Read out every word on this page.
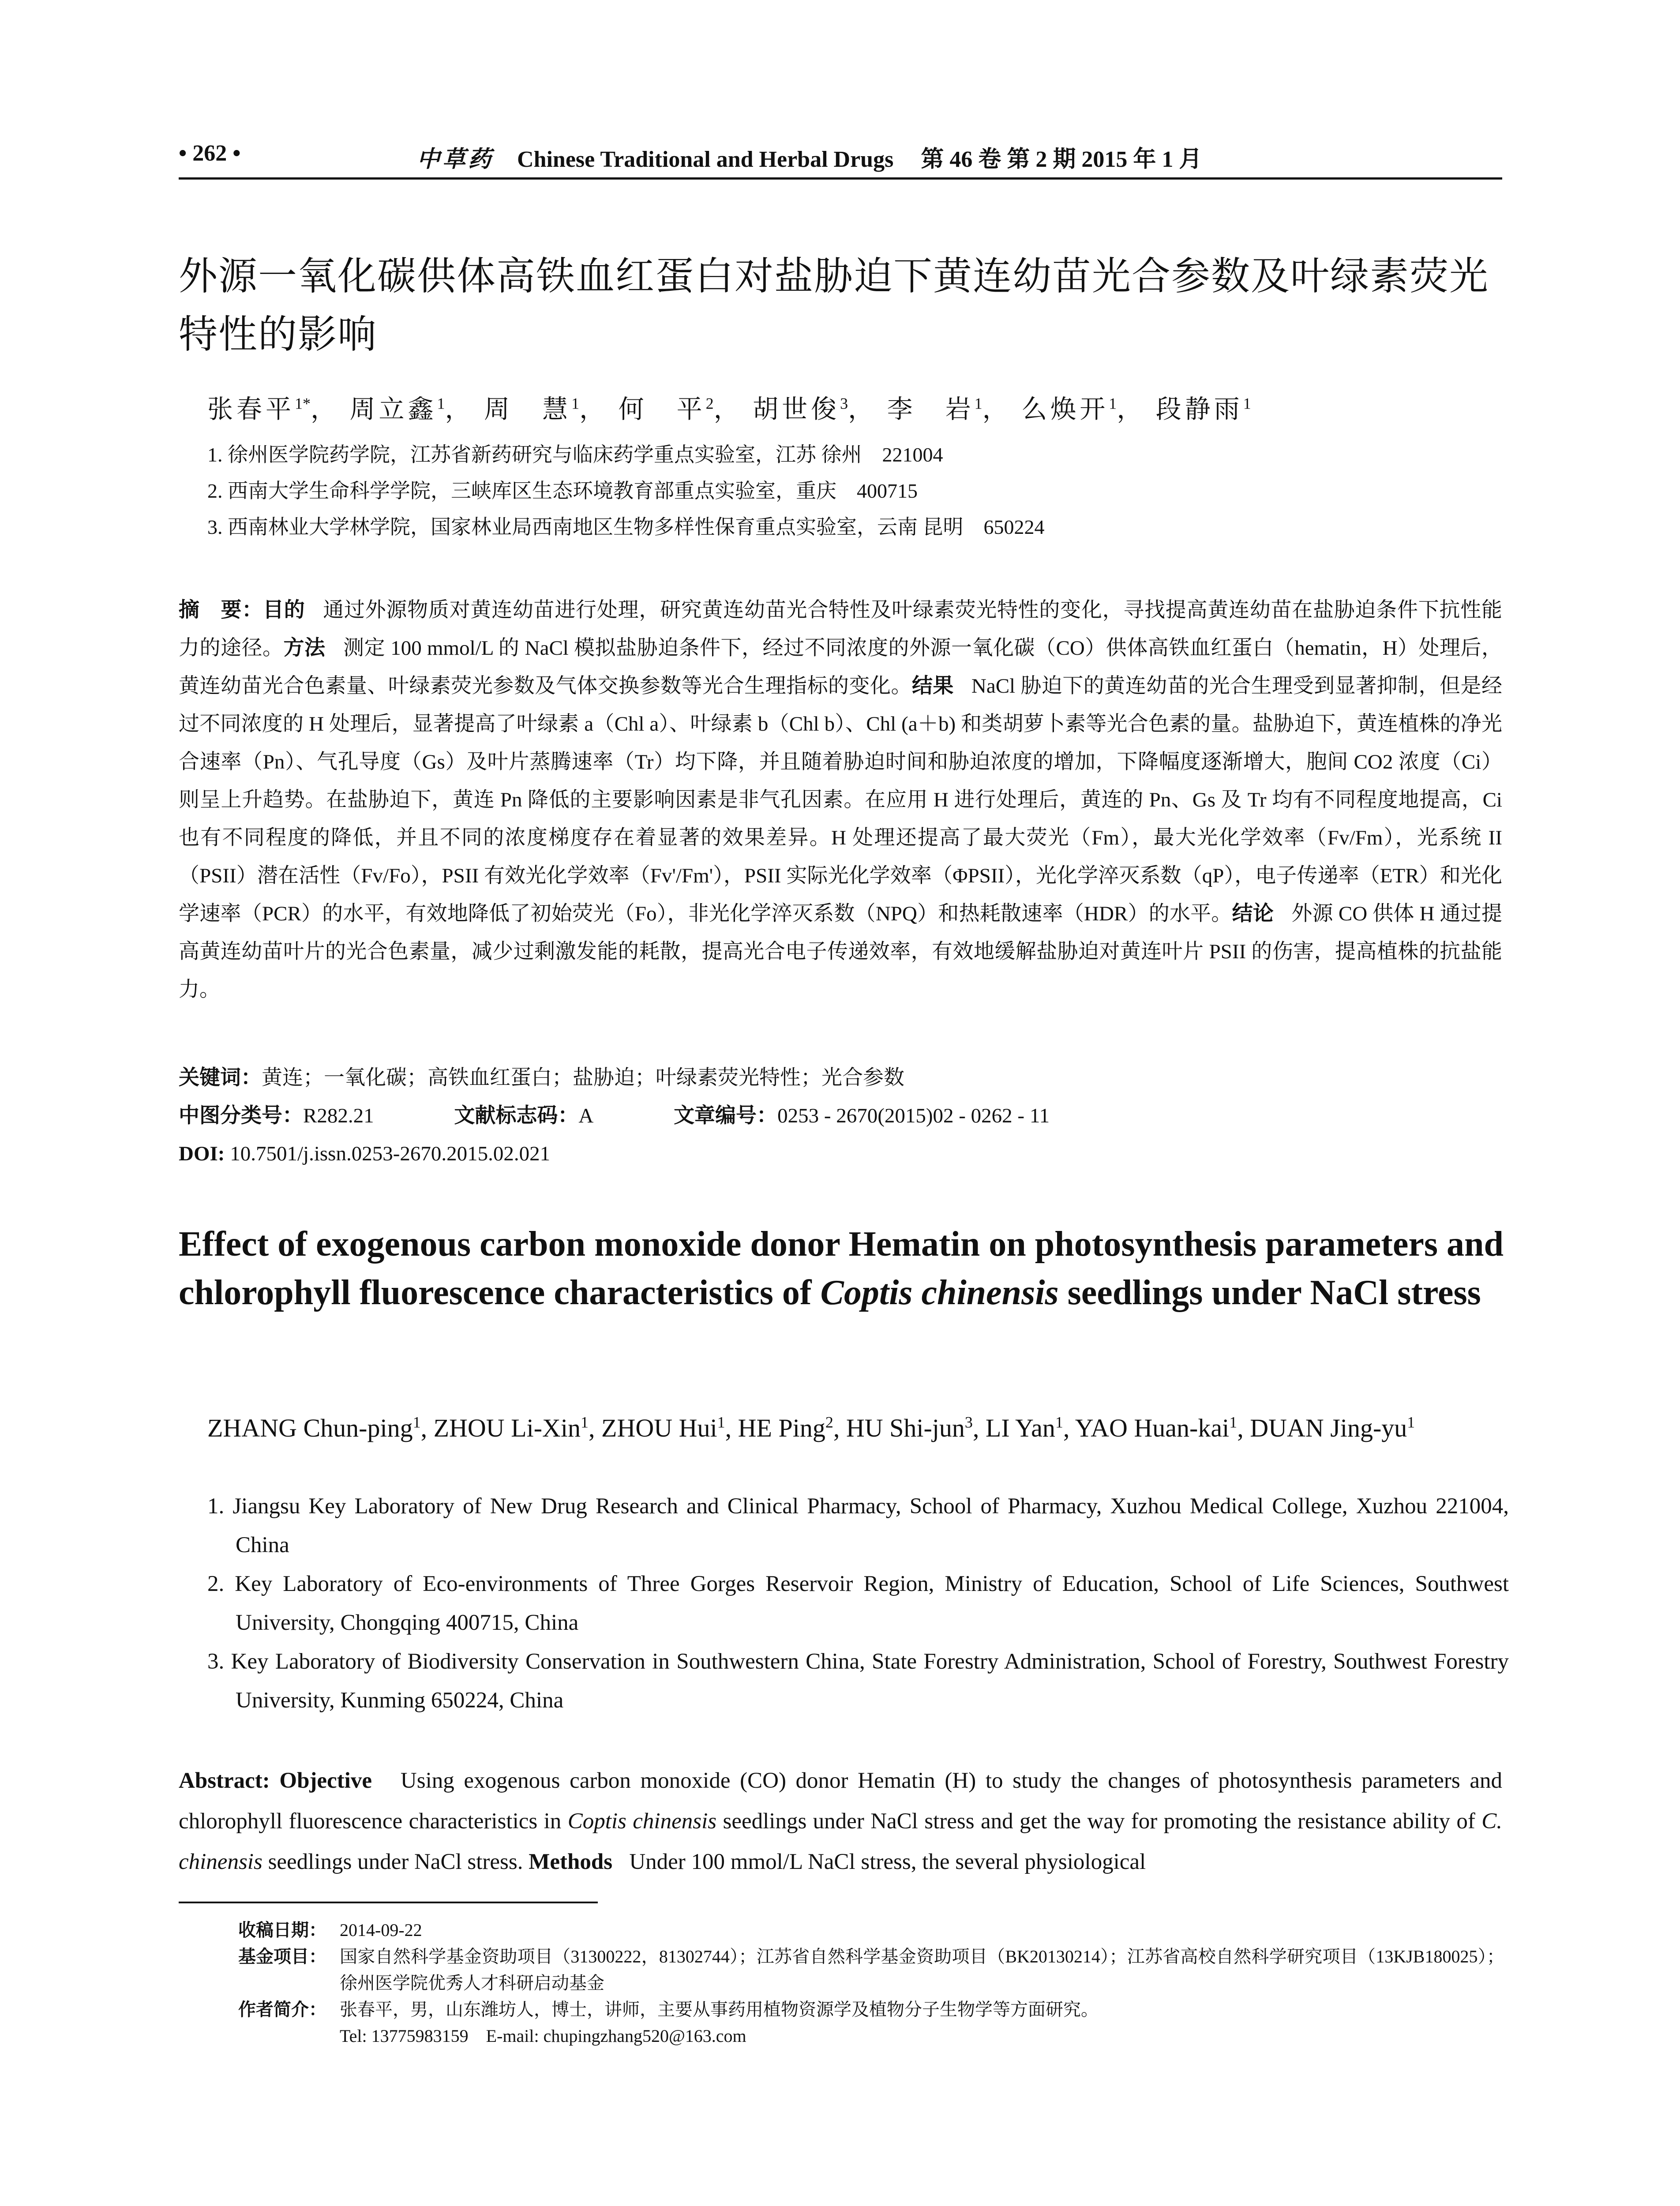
• 262 •	中草药 Chinese Traditional and Herbal Drugs 第 46 卷 第 2 期 2015 年 1 月
外源一氧化碳供体高铁血红蛋白对盐胁迫下黄连幼苗光合参数及叶绿素荧光特性的影响
张春平$^{1*}$， 周立鑫$^1$， 周　慧$^1$， 何　平$^2$， 胡世俊$^3$， 李　岩$^1$， 么焕开$^1$， 段静雨$^1$
1. 徐州医学院药学院，江苏省新药研究与临床药学重点实验室，江苏 徐州　221004
2. 西南大学生命科学学院，三峡库区生态环境教育部重点实验室，重庆　400715
3. 西南林业大学林学院，国家林业局西南地区生物多样性保育重点实验室，云南 昆明　650224
摘　要：目的 通过外源物质对黄连幼苗进行处理，研究黄连幼苗光合特性及叶绿素荧光特性的变化，寻找提高黄连幼苗在盐胁迫条件下抗性能力的途径。方法 测定 100 mmol/L 的 NaCl 模拟盐胁迫条件下，经过不同浓度的外源一氧化碳（CO）供体高铁血红蛋白（hematin，H）处理后，黄连幼苗光合色素量、叶绿素荧光参数及气体交换参数等光合生理指标的变化。结果 NaCl 胁迫下的黄连幼苗的光合生理受到显著抑制，但是经过不同浓度的 H 处理后，显著提高了叶绿素 a（Chl a）、叶绿素 b（Chl b）、Chl (a＋b) 和类胡萝卜素等光合色素的量。盐胁迫下，黄连植株的净光合速率（Pn）、气孔导度（Gs）及叶片蒸腾速率（Tr）均下降，并且随着胁迫时间和胁迫浓度的增加，下降幅度逐渐增大，胞间 CO2 浓度（Ci）则呈上升趋势。在盐胁迫下，黄连 Pn 降低的主要影响因素是非气孔因素。在应用 H 进行处理后，黄连的 Pn、Gs 及 Tr 均有不同程度地提高，Ci 也有不同程度的降低，并且不同的浓度梯度存在着显著的效果差异。H 处理还提高了最大荧光（Fm），最大光化学效率（Fv/Fm），光系统 II（PSII）潜在活性（Fv/Fo），PSII 有效光化学效率（Fv'/Fm'），PSII 实际光化学效率（ΦPSII），光化学淬灭系数（qP），电子传递率（ETR）和光化学速率（PCR）的水平，有效地降低了初始荧光（Fo），非光化学淬灭系数（NPQ）和热耗散速率（HDR）的水平。结论 外源 CO 供体 H 通过提高黄连幼苗叶片的光合色素量，减少过剩激发能的耗散，提高光合电子传递效率，有效地缓解盐胁迫对黄连叶片 PSII 的伤害，提高植株的抗盐能力。
关键词：黄连；一氧化碳；高铁血红蛋白；盐胁迫；叶绿素荧光特性；光合参数
中图分类号：R282.21	文献标志码：A	文章编号：0253 - 2670(2015)02 - 0262 - 11
DOI: 10.7501/j.issn.0253-2670.2015.02.021
Effect of exogenous carbon monoxide donor Hematin on photosynthesis parameters and chlorophyll fluorescence characteristics of Coptis chinensis seedlings under NaCl stress
ZHANG Chun-ping$^1$, ZHOU Li-Xin$^1$, ZHOU Hui$^1$, HE Ping$^2$, HU Shi-jun$^3$, LI Yan$^1$, YAO Huan-kai$^1$, DUAN Jing-$yu^1$
1. Jiangsu Key Laboratory of New Drug Research and Clinical Pharmacy, School of Pharmacy, Xuzhou Medical College, Xuzhou 221004, China
2. Key Laboratory of Eco-environments of Three Gorges Reservoir Region, Ministry of Education, School of Life Sciences, Southwest University, Chongqing 400715, China
3. Key Laboratory of Biodiversity Conservation in Southwestern China, State Forestry Administration, School of Forestry, Southwest Forestry University, Kunming 650224, China
Abstract: Objective Using exogenous carbon monoxide (CO) donor Hematin (H) to study the changes of photosynthesis parameters and chlorophyll fluorescence characteristics in Coptis chinensis seedlings under NaCl stress and get the way for promoting the resistance ability of C. chinensis seedlings under NaCl stress. Methods Under 100 mmol/L NaCl stress, the several physiological
收稿日期： 2014-09-22
基金项目： 国家自然科学基金资助项目（31300222，81302744）；江苏省自然科学基金资助项目（BK20130214）；江苏省高校自然科学研究项目（13KJB180025）；徐州医学院优秀人才科研启动基金
作者简介： 张春平，男，山东潍坊人，博士，讲师，主要从事药用植物资源学及植物分子生物学等方面研究。
Tel: 13775983159　E-mail: chupingzhang520@163.com
